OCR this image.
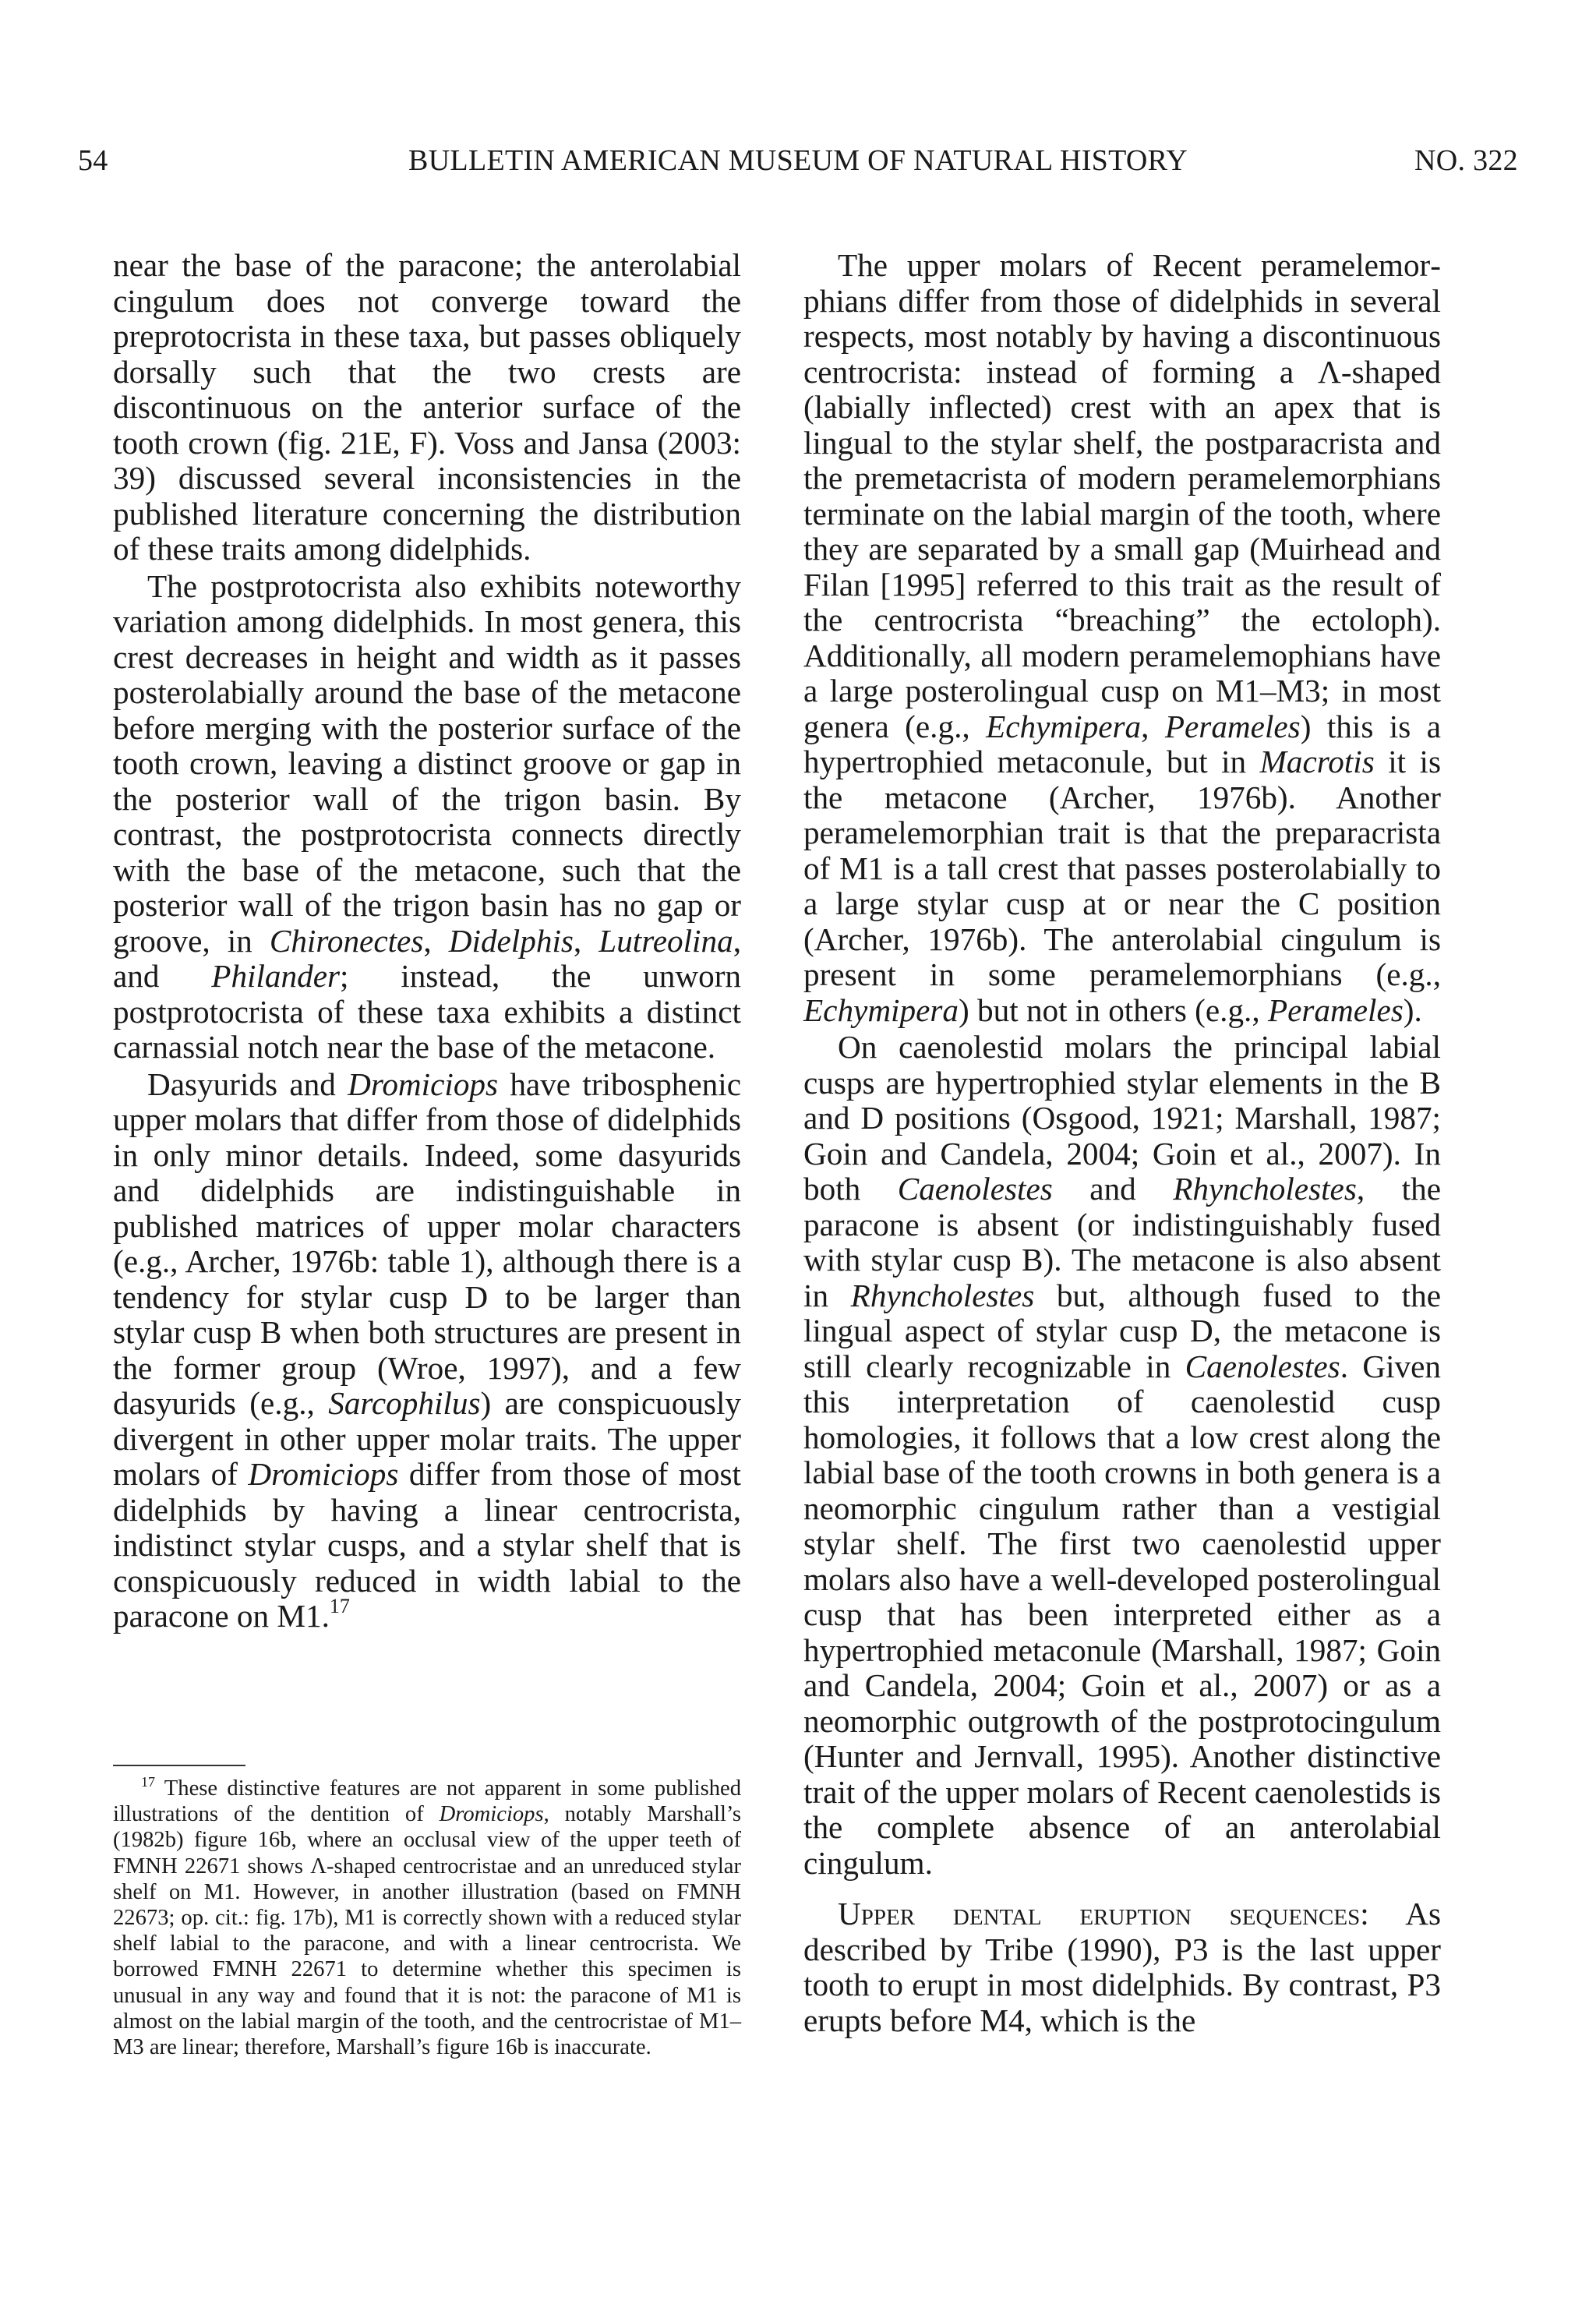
54	BULLETIN AMERICAN MUSEUM OF NATURAL HISTORY	NO. 322

near the base of the paracone; the anterolabial cingulum does not converge toward the preprotocrista in these taxa, but passes obliquely dorsally such that the two crests are discontinuous on the anterior surface of the tooth crown (fig. 21E, F). Voss and Jansa (2003: 39) discussed several inconsistencies in the published literature concerning the distribution of these traits among didelphids.

The postprotocrista also exhibits noteworthy variation among didelphids. In most genera, this crest decreases in height and width as it passes posterolabially around the base of the metacone before merging with the posterior surface of the tooth crown, leaving a distinct groove or gap in the posterior wall of the trigon basin. By contrast, the postprotocrista connects directly with the base of the metacone, such that the posterior wall of the trigon basin has no gap or groove, in Chironectes, Didelphis, Lutreolina, and Philander; instead, the unworn postprotocrista of these taxa exhibits a distinct carnassial notch near the base of the metacone.

Dasyurids and Dromiciops have tribosphenic upper molars that differ from those of didelphids in only minor details. Indeed, some dasyurids and didelphids are indistinguishable in published matrices of upper molar characters (e.g., Archer, 1976b: table 1), although there is a tendency for stylar cusp D to be larger than stylar cusp B when both structures are present in the former group (Wroe, 1997), and a few dasyurids (e.g., Sarcophilus) are conspicuously divergent in other upper molar traits. The upper molars of Dromiciops differ from those of most didelphids by having a linear centrocrista, indistinct stylar cusps, and a stylar shelf that is conspicuously reduced in width labial to the paracone on M1.17

$^{17}$ These distinctive features are not apparent in some published illustrations of the dentition of Dromiciops, notably Marshall’s (1982b) figure 16b, where an occlusal view of the upper teeth of FMNH 22671 shows Λ-shaped centrocristae and an unreduced stylar shelf on M1. However, in another illustration (based on FMNH 22673; op. cit.: fig. 17b), M1 is correctly shown with a reduced stylar shelf labial to the paracone, and with a linear centrocrista. We borrowed FMNH 22671 to determine whether this specimen is unusual in any way and found that it is not: the paracone of M1 is almost on the labial margin of the tooth, and the centrocristae of M1–M3 are linear; therefore, Marshall’s figure 16b is inaccurate.

The upper molars of Recent peramelemorphians differ from those of didelphids in several respects, most notably by having a discontinuous centrocrista: instead of forming a Λ-shaped (labially inflected) crest with an apex that is lingual to the stylar shelf, the postparacrista and the premetacrista of modern peramelemorphians terminate on the labial margin of the tooth, where they are separated by a small gap (Muirhead and Filan [1995] referred to this trait as the result of the centrocrista “breaching” the ectoloph). Additionally, all modern peramelemophians have a large posterolingual cusp on M1–M3; in most genera (e.g., Echymipera, Perameles) this is a hypertrophied metaconule, but in Macrotis it is the metacone (Archer, 1976b). Another peramelemorphian trait is that the preparacrista of M1 is a tall crest that passes posterolabially to a large stylar cusp at or near the C position (Archer, 1976b). The anterolabial cingulum is present in some peramelemorphians (e.g., Echymipera) but not in others (e.g., Perameles).

On caenolestid molars the principal labial cusps are hypertrophied stylar elements in the B and D positions (Osgood, 1921; Marshall, 1987; Goin and Candela, 2004; Goin et al., 2007). In both Caenolestes and Rhyncholestes, the paracone is absent (or indistinguishably fused with stylar cusp B). The metacone is also absent in Rhyncholestes but, although fused to the lingual aspect of stylar cusp D, the metacone is still clearly recognizable in Caenolestes. Given this interpretation of caenolestid cusp homologies, it follows that a low crest along the labial base of the tooth crowns in both genera is a neomorphic cingulum rather than a vestigial stylar shelf. The first two caenolestid upper molars also have a well-developed posterolingual cusp that has been interpreted either as a hypertrophied metaconule (Marshall, 1987; Goin and Candela, 2004; Goin et al., 2007) or as a neomorphic outgrowth of the postprotocingulum (Hunter and Jernvall, 1995). Another distinctive trait of the upper molars of Recent caenolestids is the complete absence of an anterolabial cingulum.

Upper dental eruption sequences: As described by Tribe (1990), P3 is the last upper tooth to erupt in most didelphids. By contrast, P3 erupts before M4, which is the
